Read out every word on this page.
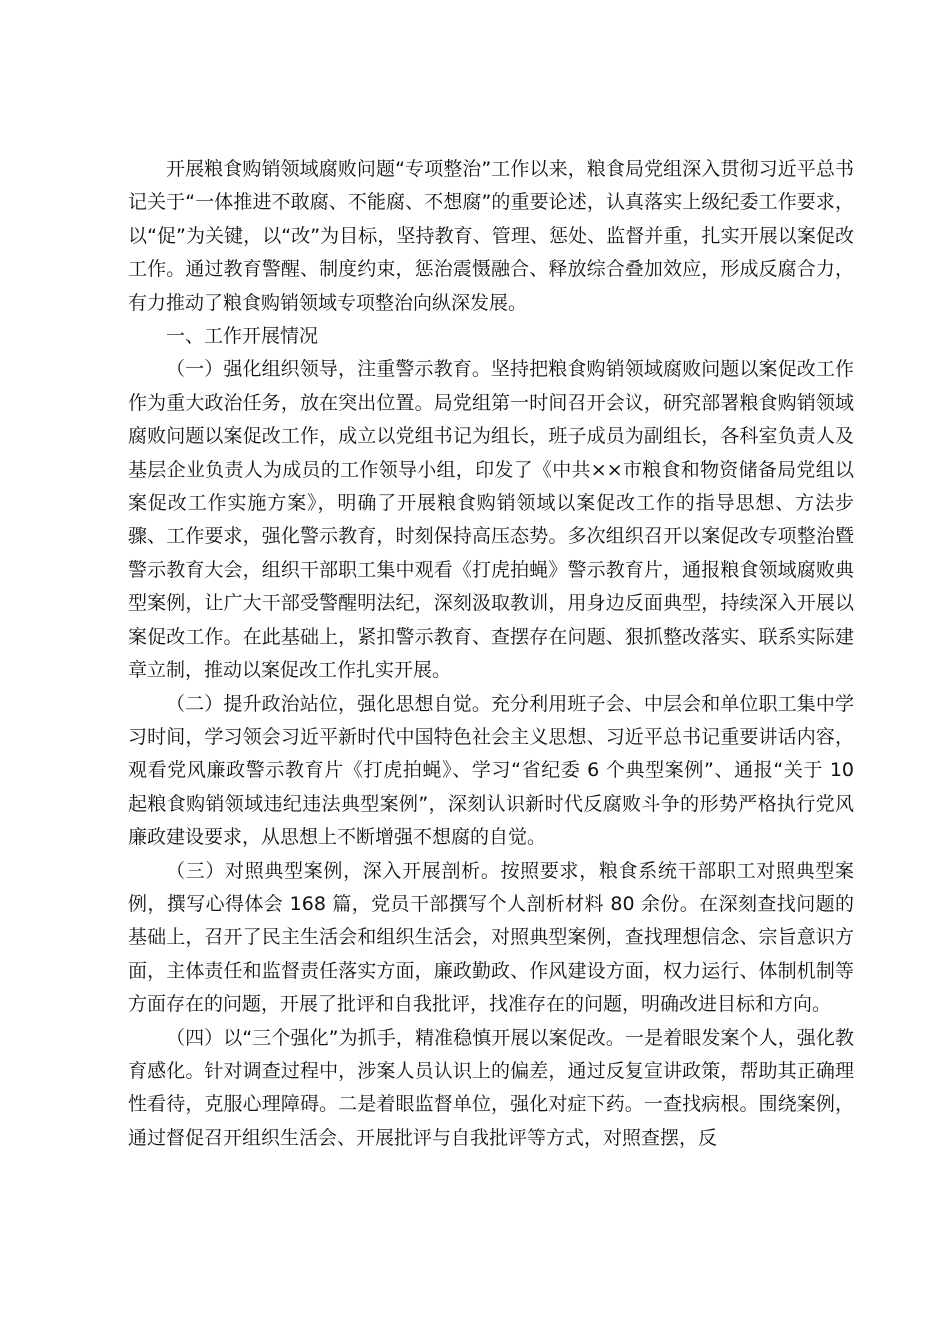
开展粮食购销领域腐败问题“专项整治”工作以来，粮食局党组深入贯彻习近平总书记关于“一体推进不敢腐、不能腐、不想腐”的重要论述，认真落实上级纪委工作要求，以“促”为关键，以“改”为目标，坚持教育、管理、惩处、监督并重，扎实开展以案促改工作。通过教育警醒、制度约束，惩治震慑融合、释放综合叠加效应，形成反腐合力，有力推动了粮食购销领域专项整治向纵深发展。

一、工作开展情况

（一）强化组织领导，注重警示教育。坚持把粮食购销领域腐败问题以案促改工作作为重大政治任务，放在突出位置。局党组第一时间召开会议，研究部署粮食购销领域腐败问题以案促改工作，成立以党组书记为组长，班子成员为副组长，各科室负责人及基层企业负责人为成员的工作领导小组，印发了《中共××市粮食和物资储备局党组以案促改工作实施方案》，明确了开展粮食购销领域以案促改工作的指导思想、方法步骤、工作要求，强化警示教育，时刻保持高压态势。多次组织召开以案促改专项整治暨警示教育大会，组织干部职工集中观看《打虎拍蝇》警示教育片，通报粮食领域腐败典型案例，让广大干部受警醒明法纪，深刻汲取教训，用身边反面典型，持续深入开展以案促改工作。在此基础上，紧扣警示教育、查摆存在问题、狠抓整改落实、联系实际建章立制，推动以案促改工作扎实开展。

（二）提升政治站位，强化思想自觉。充分利用班子会、中层会和单位职工集中学习时间，学习领会习近平新时代中国特色社会主义思想、习近平总书记重要讲话内容，观看党风廉政警示教育片《打虎拍蝇》、学习“省纪委 6 个典型案例”、通报“关于 10 起粮食购销领域违纪违法典型案例”，深刻认识新时代反腐败斗争的形势严格执行党风廉政建设要求，从思想上不断增强不想腐的自觉。

（三）对照典型案例，深入开展剖析。按照要求，粮食系统干部职工对照典型案例，撰写心得体会 168 篇，党员干部撰写个人剖析材料 80 余份。在深刻查找问题的基础上，召开了民主生活会和组织生活会，对照典型案例，查找理想信念、宗旨意识方面，主体责任和监督责任落实方面，廉政勤政、作风建设方面，权力运行、体制机制等方面存在的问题，开展了批评和自我批评，找准存在的问题，明确改进目标和方向。

（四）以“三个强化”为抓手，精准稳慎开展以案促改。一是着眼发案个人，强化教育感化。针对调查过程中，涉案人员认识上的偏差，通过反复宣讲政策，帮助其正确理性看待，克服心理障碍。二是着眼监督单位，强化对症下药。一查找病根。围绕案例，通过督促召开组织生活会、开展批评与自我批评等方式，对照查摆，反
